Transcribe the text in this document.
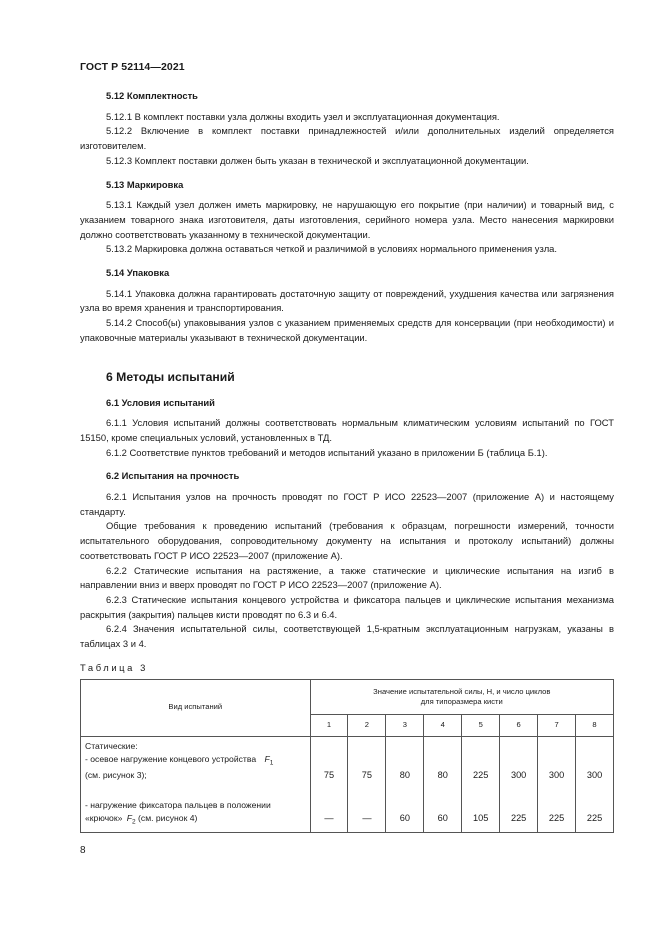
ГОСТ Р 52114—2021

5.12 Комплектность

5.12.1 В комплект поставки узла должны входить узел и эксплуатационная документация.

5.12.2 Включение в комплект поставки принадлежностей и/или дополнительных изделий определяется изготовителем.

5.12.3 Комплект поставки должен быть указан в технической и эксплуатационной документации.

5.13 Маркировка

5.13.1 Каждый узел должен иметь маркировку, не нарушающую его покрытие (при наличии) и товарный вид, с указанием товарного знака изготовителя, даты изготовления, серийного номера узла. Место нанесения маркировки должно соответствовать указанному в технической документации.

5.13.2 Маркировка должна оставаться четкой и различимой в условиях нормального применения узла.

5.14 Упаковка

5.14.1 Упаковка должна гарантировать достаточную защиту от повреждений, ухудшения качества или загрязнения узла во время хранения и транспортирования.

5.14.2 Способ(ы) упаковывания узлов с указанием применяемых средств для консервации (при необходимости) и упаковочные материалы указывают в технической документации.

6 Методы испытаний

6.1 Условия испытаний

6.1.1 Условия испытаний должны соответствовать нормальным климатическим условиям испытаний по ГОСТ 15150, кроме специальных условий, установленных в ТД.

6.1.2 Соответствие пунктов требований и методов испытаний указано в приложении Б (таблица Б.1).

6.2 Испытания на прочность

6.2.1 Испытания узлов на прочность проводят по ГОСТ Р ИСО 22523—2007 (приложение А) и настоящему стандарту.

Общие требования к проведению испытаний (требования к образцам, погрешности измерений, точности испытательного оборудования, сопроводительному документу на испытания и протоколу испытаний) должны соответствовать ГОСТ Р ИСО 22523—2007 (приложение А).

6.2.2 Статические испытания на растяжение, а также статические и циклические испытания на изгиб в направлении вниз и вверх проводят по ГОСТ Р ИСО 22523—2007 (приложение А).

6.2.3 Статические испытания концевого устройства и фиксатора пальцев и циклические испытания механизма раскрытия (закрытия) пальцев кисти проводят по 6.3 и 6.4.

6.2.4 Значения испытательной силы, соответствующей 1,5-кратным эксплуатационным нагрузкам, указаны в таблицах 3 и 4.

Таблица 3

Вид испытаний	Значение испытательной силы, Н, и число циклов
для типоразмера кисти							
	1	2	3	4	5	6	7	8
Статические:
- осевое нагружение концевого устройства $F_1$
(см. рисунок 3);	75	75	80	80	225	300	300	300
- нагружение фиксатора пальцев в положении «крючок» $F_2$ (см. рисунок 4)	—	—	60	60	105	225	225	225
8
